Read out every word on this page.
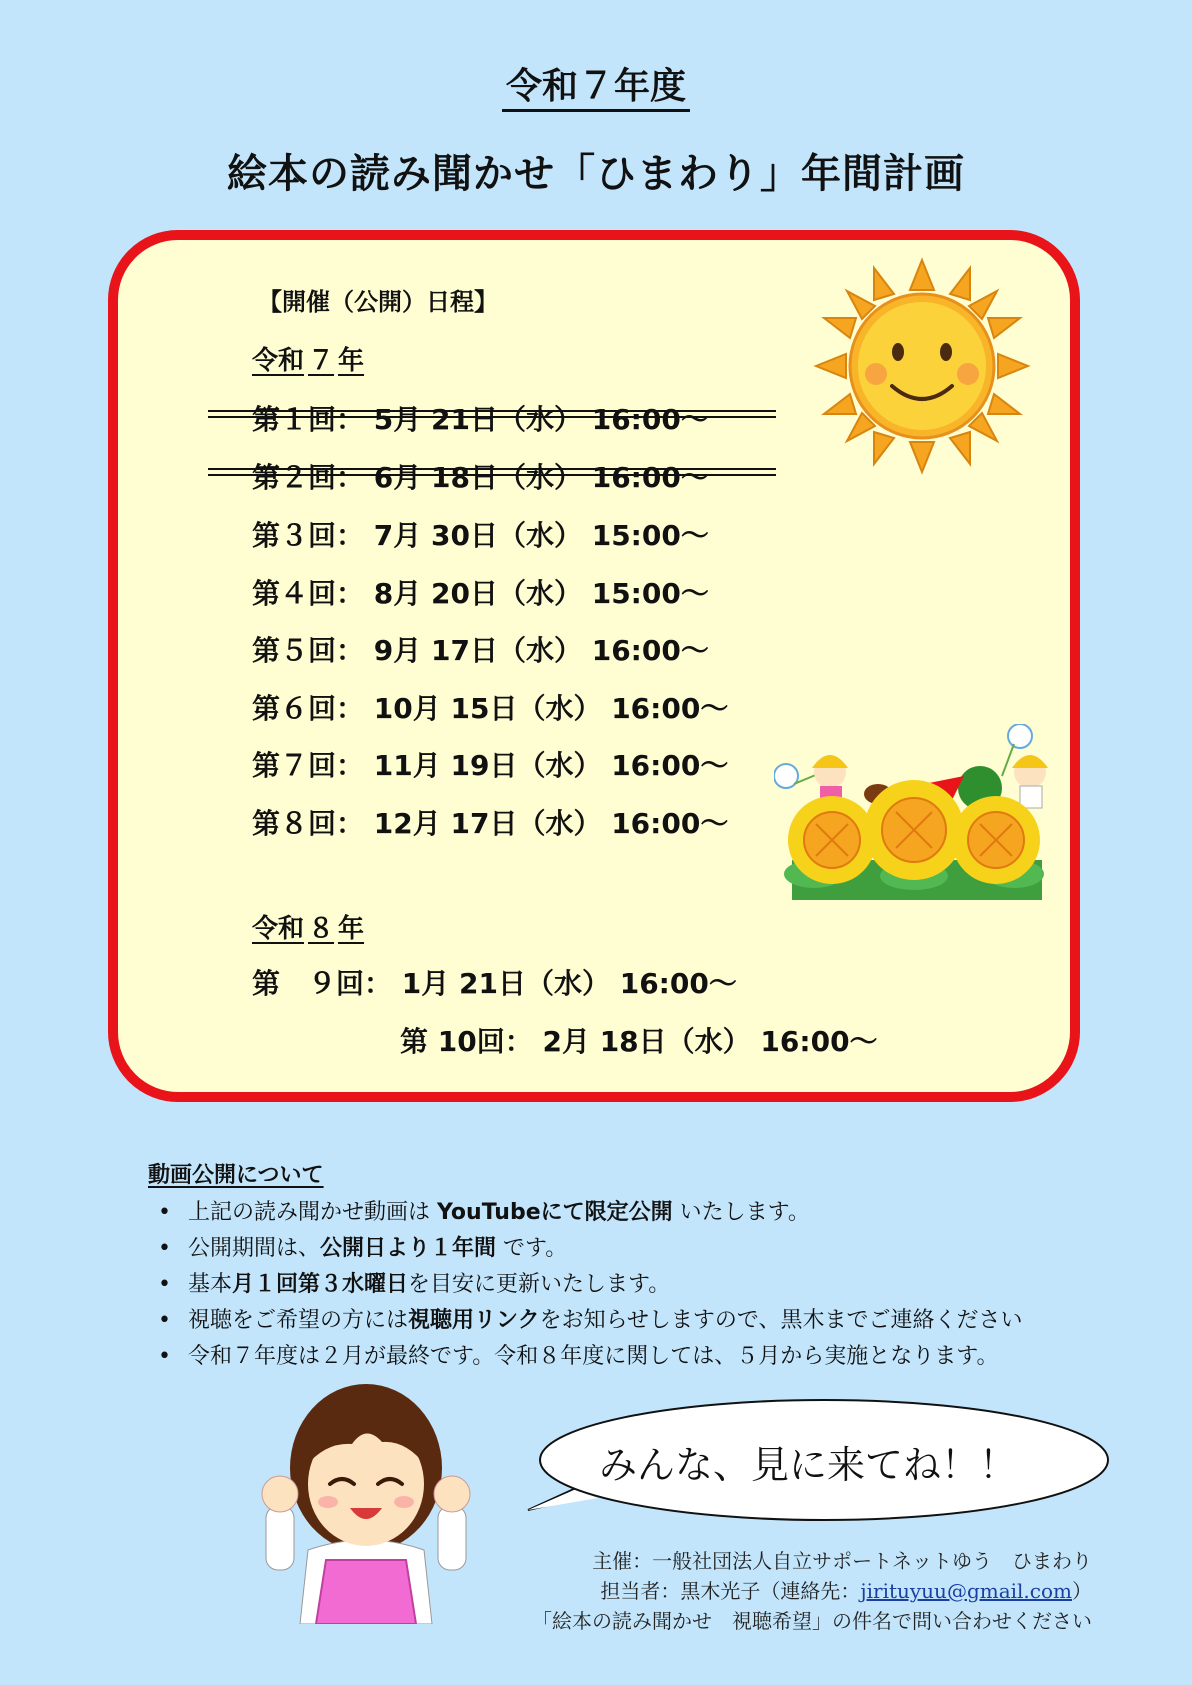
令和７年度
絵本の読み聞かせ「ひまわり」年間計画
【開催（公開）日程】
令和 ７ 年
第１回： 5月 21日（水） 16:00～
第２回： 6月 18日（水） 16:00～
第３回： 7月 30日（水） 15:00～
第４回： 8月 20日（水） 15:00～
第５回： 9月 17日（水） 16:00～
第６回： 10月 15日（水） 16:00～
第７回： 11月 19日（水） 16:00～
第８回： 12月 17日（水） 16:00～
令和 ８ 年
第　９回： 1月 21日（水） 16:00～
第 10回： 2月 18日（水） 16:00～
動画公開について
• 上記の読み聞かせ動画は YouTubeにて限定公開 いたします。
• 公開期間は、公開日より１年間 です。
• 基本月１回第３水曜日を目安に更新いたします。
• 視聴をご希望の方には視聴用リンクをお知らせしますので、黒木までご連絡ください
• 令和７年度は２月が最終です。令和８年度に関しては、５月から実施となります。
みんな、見に来てね！！
主催：一般社団法人自立サポートネットゆう　ひまわり
担当者：黒木光子（連絡先：jirituyuu@gmail.com）
「絵本の読み聞かせ　視聴希望」の件名で問い合わせください
